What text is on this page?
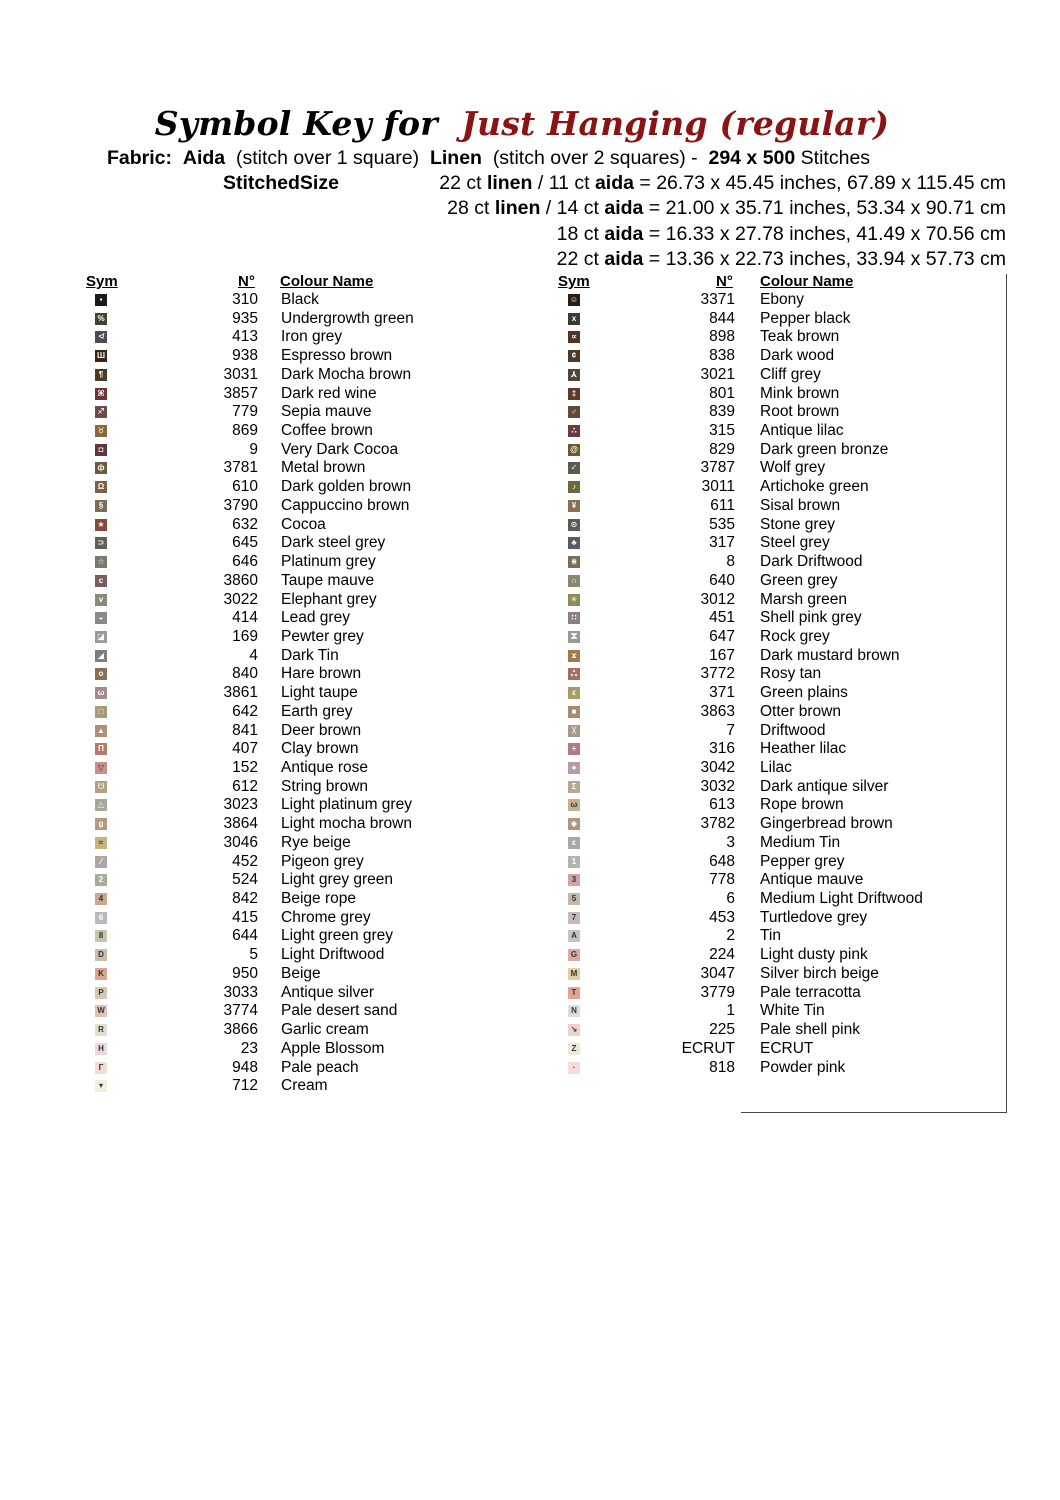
Symbol Key for Just Hanging (regular)
Fabric: Aida (stitch over 1 square) Linen (stitch over 2 squares) - 294 x 500 Stitches
StitchedSize	22 ct linen / 11 ct aida = 26.73 x 45.45 inches, 67.89 x 115.45 cm
28 ct linen / 14 ct aida = 21.00 x 35.71 inches, 53.34 x 90.71 cm
18 ct aida = 16.33 x 27.78 inches, 41.49 x 70.56 cm
22 ct aida = 13.36 x 22.73 inches, 33.94 x 57.73 cm
Sym	N° Colour Name	Sym	N° Colour Name
▪	310 Black
%	935 Undergrowth green
≮	413 Iron grey
Ш	938 Espresso brown
¶	3031 Dark Mocha brown
⌘	3857 Dark red wine
♐	779 Sepia mauve
♉	869 Coffee brown
◘	9 Very Dark Cocoa
ф	3781 Metal brown
Ω	610 Dark golden brown
§	3790 Cappuccino brown
★	632 Cocoa
⊃	645 Dark steel grey
☆	646 Platinum grey
c	3860 Taupe mauve
v	3022 Elephant grey
◒	414 Lead grey
◪	169 Pewter grey
◢	4 Dark Tin
o	840 Hare brown
ω	3861 Light taupe
□	642 Earth grey
▲	841 Deer brown
Π	407 Clay brown
▽	152 Antique rose
☋	612 String brown
△	3023 Light platinum grey
g	3864 Light mocha brown
≈	3046 Rye beige
⁄	452 Pigeon grey
2	524 Light grey green
4	842 Beige rope
6	415 Chrome grey
8	644 Light green grey
D	5 Light Driftwood
K	950 Beige
P	3033 Antique silver
W	3774 Pale desert sand
R	3866 Garlic cream
H	23 Apple Blossom
Γ	948 Pale peach
▾	712 Cream
☺	3371 Ebony
x	844 Pepper black
∝	898 Teak brown
¢	838 Dark wood
⅄	3021 Cliff grey
‡	801 Mink brown
♂	839 Root brown
∴	315 Antique lilac
@	829 Dark green bronze
✓	3787 Wolf grey
♪	3011 Artichoke green
¥	611 Sisal brown
⊙	535 Stone grey
♣	317 Steel grey
⋇	8 Dark Driftwood
∩	640 Green grey
✳	3012 Marsh green
∷	451 Shell pink grey
ⵣ	647 Rock grey
ϫ	167 Dark mustard brown
ஃ	3772 Rosy tan
ε	371 Green plains
■	3863 Otter brown
ᚷ	7 Driftwood
+	316 Heather lilac
●	3042 Lilac
Σ	3032 Dark antique silver
ω	613 Rope brown
◆	3782 Gingerbread brown
ɛ	3 Medium Tin
1	648 Pepper grey
3	778 Antique mauve
5	6 Medium Light Driftwood
7	453 Turtledove grey
A	2 Tin
G	224 Light dusty pink
M	3047 Silver birch beige
T	3779 Pale terracotta
N	1 White Tin
↘	225 Pale shell pink
Z	ECRUT ECRUT
·	818 Powder pink
